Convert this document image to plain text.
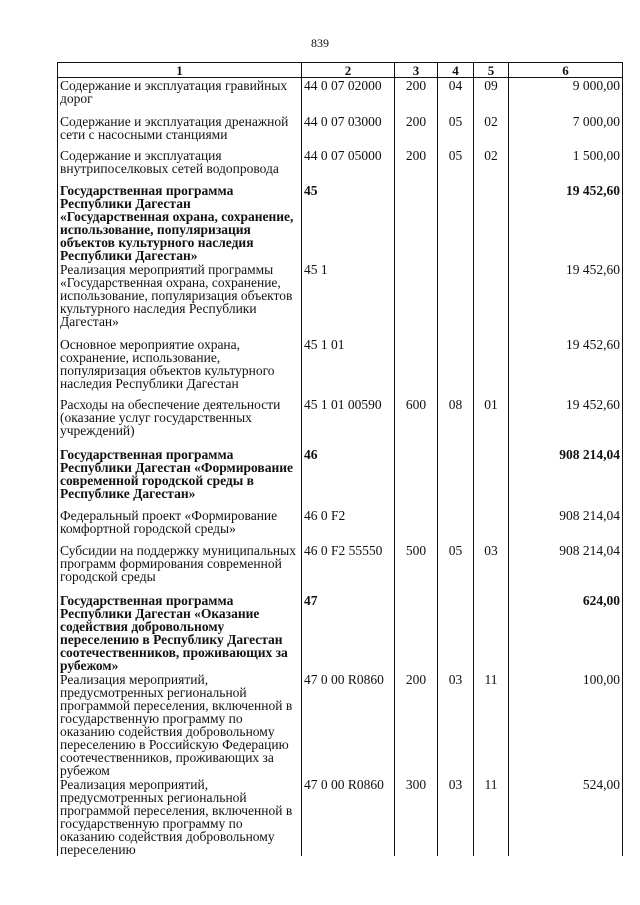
839
1	2	3	4	5	6
Содержание и эксплуатация гравийных дорог	44 0 07 02000	200	04	09	9 000,00
Содержание и эксплуатация дренажной сети с насосными станциями	44 0 07 03000	200	05	02	7 000,00
Содержание и эксплуатация внутрипоселковых сетей водопровода	44 0 07 05000	200	05	02	1 500,00
Государственная программа Республики Дагестан «Государственная охрана, сохранение, использование, популяризация объектов культурного наследия Республики Дагестан»	45				19 452,60
Реализация мероприятий программы «Государственная охрана, сохранение, использование, популяризация объектов культурного наследия Республики Дагестан»	45 1				19 452,60
Основное мероприятие охрана, сохранение, использование, популяризация объектов культурного наследия Республики Дагестан	45 1 01				19 452,60
Расходы на обеспечение деятельности (оказание услуг государственных учреждений)	45 1 01 00590	600	08	01	19 452,60
Государственная программа Республики Дагестан «Формирование современной городской среды в Республике Дагестан»	46				908 214,04
Федеральный проект «Формирование комфортной городской среды»	46 0 F2				908 214,04
Субсидии на поддержку муниципальных программ формирования современной городской среды	46 0 F2 55550	500	05	03	908 214,04
Государственная программа Республики Дагестан «Оказание содействия добровольному переселению в Республику Дагестан соотечественников, проживающих за рубежом»	47				624,00
Реализация мероприятий, предусмотренных региональной программой переселения, включенной в государственную программу по оказанию содействия добровольному переселению в Российскую Федерацию соотечественников, проживающих за рубежом	47 0 00 R0860	200	03	11	100,00
Реализация мероприятий, предусмотренных региональной программой переселения, включенной в государственную программу по оказанию содействия добровольному переселению	47 0 00 R0860	300	03	11	524,00
